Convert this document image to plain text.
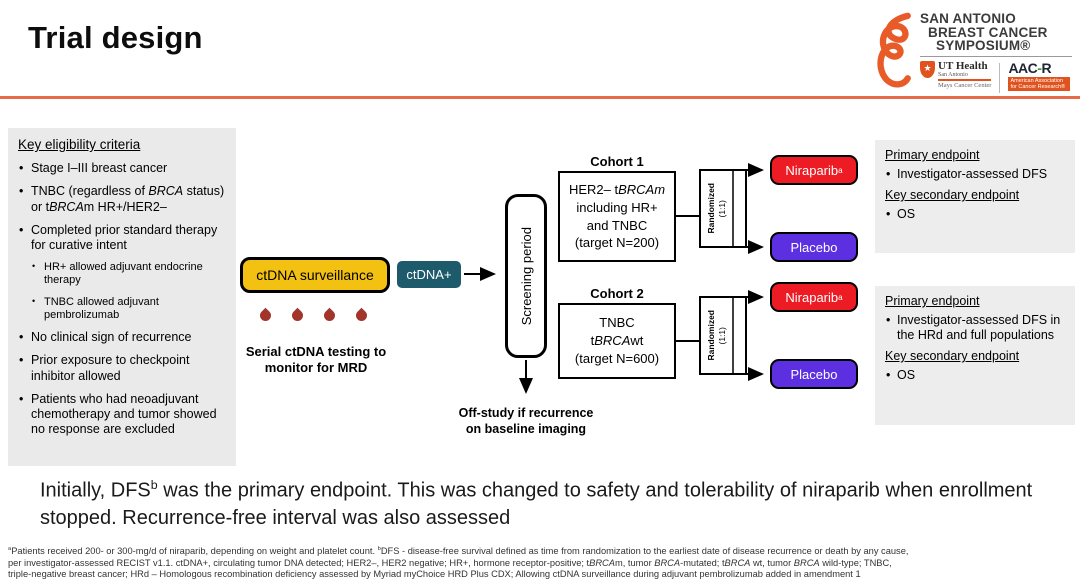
Trial design
SAN ANTONIO
BREAST CANCER
SYMPOSIUM®
★ UT Health
San Antonio
Mays Cancer Center
AAC-R
American Association for Cancer Research®
Key eligibility criteria
• Stage I–III breast cancer
• TNBC (regardless of BRCA status) or tBRCAm HR+/HER2–
• Completed prior standard therapy for curative intent
• HR+ allowed adjuvant endocrine therapy
• TNBC allowed adjuvant pembrolizumab
• No clinical sign of recurrence
• Prior exposure to checkpoint inhibitor allowed
• Patients who had neoadjuvant chemotherapy and tumor showed no response are excluded
ctDNA surveillance	ctDNA+
Serial ctDNA testing to
monitor for MRD
Screening period
Off-study if recurrence
on baseline imaging
Cohort 1
HER2– tBRCAm
including HR+
and TNBC
(target N=200)
Randomized (1:1)
Niraparib a
Placebo
Cohort 2
TNBC
tBRCAwt
(target N=600)	Randomized (1:1)
Niraparib a
Placebo
Primary endpoint
• Investigator-assessed DFS
Key secondary endpoint
• OS
Primary endpoint
• Investigator-assessed DFS in the HRd and full populations
Key secondary endpoint
• OS
Initially, DFS$^b$ was the primary endpoint. This was changed to safety and tolerability of niraparib when enrollment stopped. Recurrence-free interval was also assessed
$^a$Patients received 200- or 300-mg/d of niraparib, depending on weight and platelet count. $^b$DFS - disease-free survival defined as time from randomization to the earliest date of disease recurrence or death by any cause,
per investigator-assessed RECIST v1.1. ctDNA+, circulating tumor DNA detected; HER2–, HER2 negative; HR+, hormone receptor-positive; tBRCAm, tumor BRCA-mutated; tBRCA wt, tumor BRCA wild-type; TNBC,
triple-negative breast cancer; HRd – Homologous recombination deficiency assessed by Myriad myChoice HRD Plus CDX; Allowing ctDNA surveillance during adjuvant pembrolizumab added in amendment 1
